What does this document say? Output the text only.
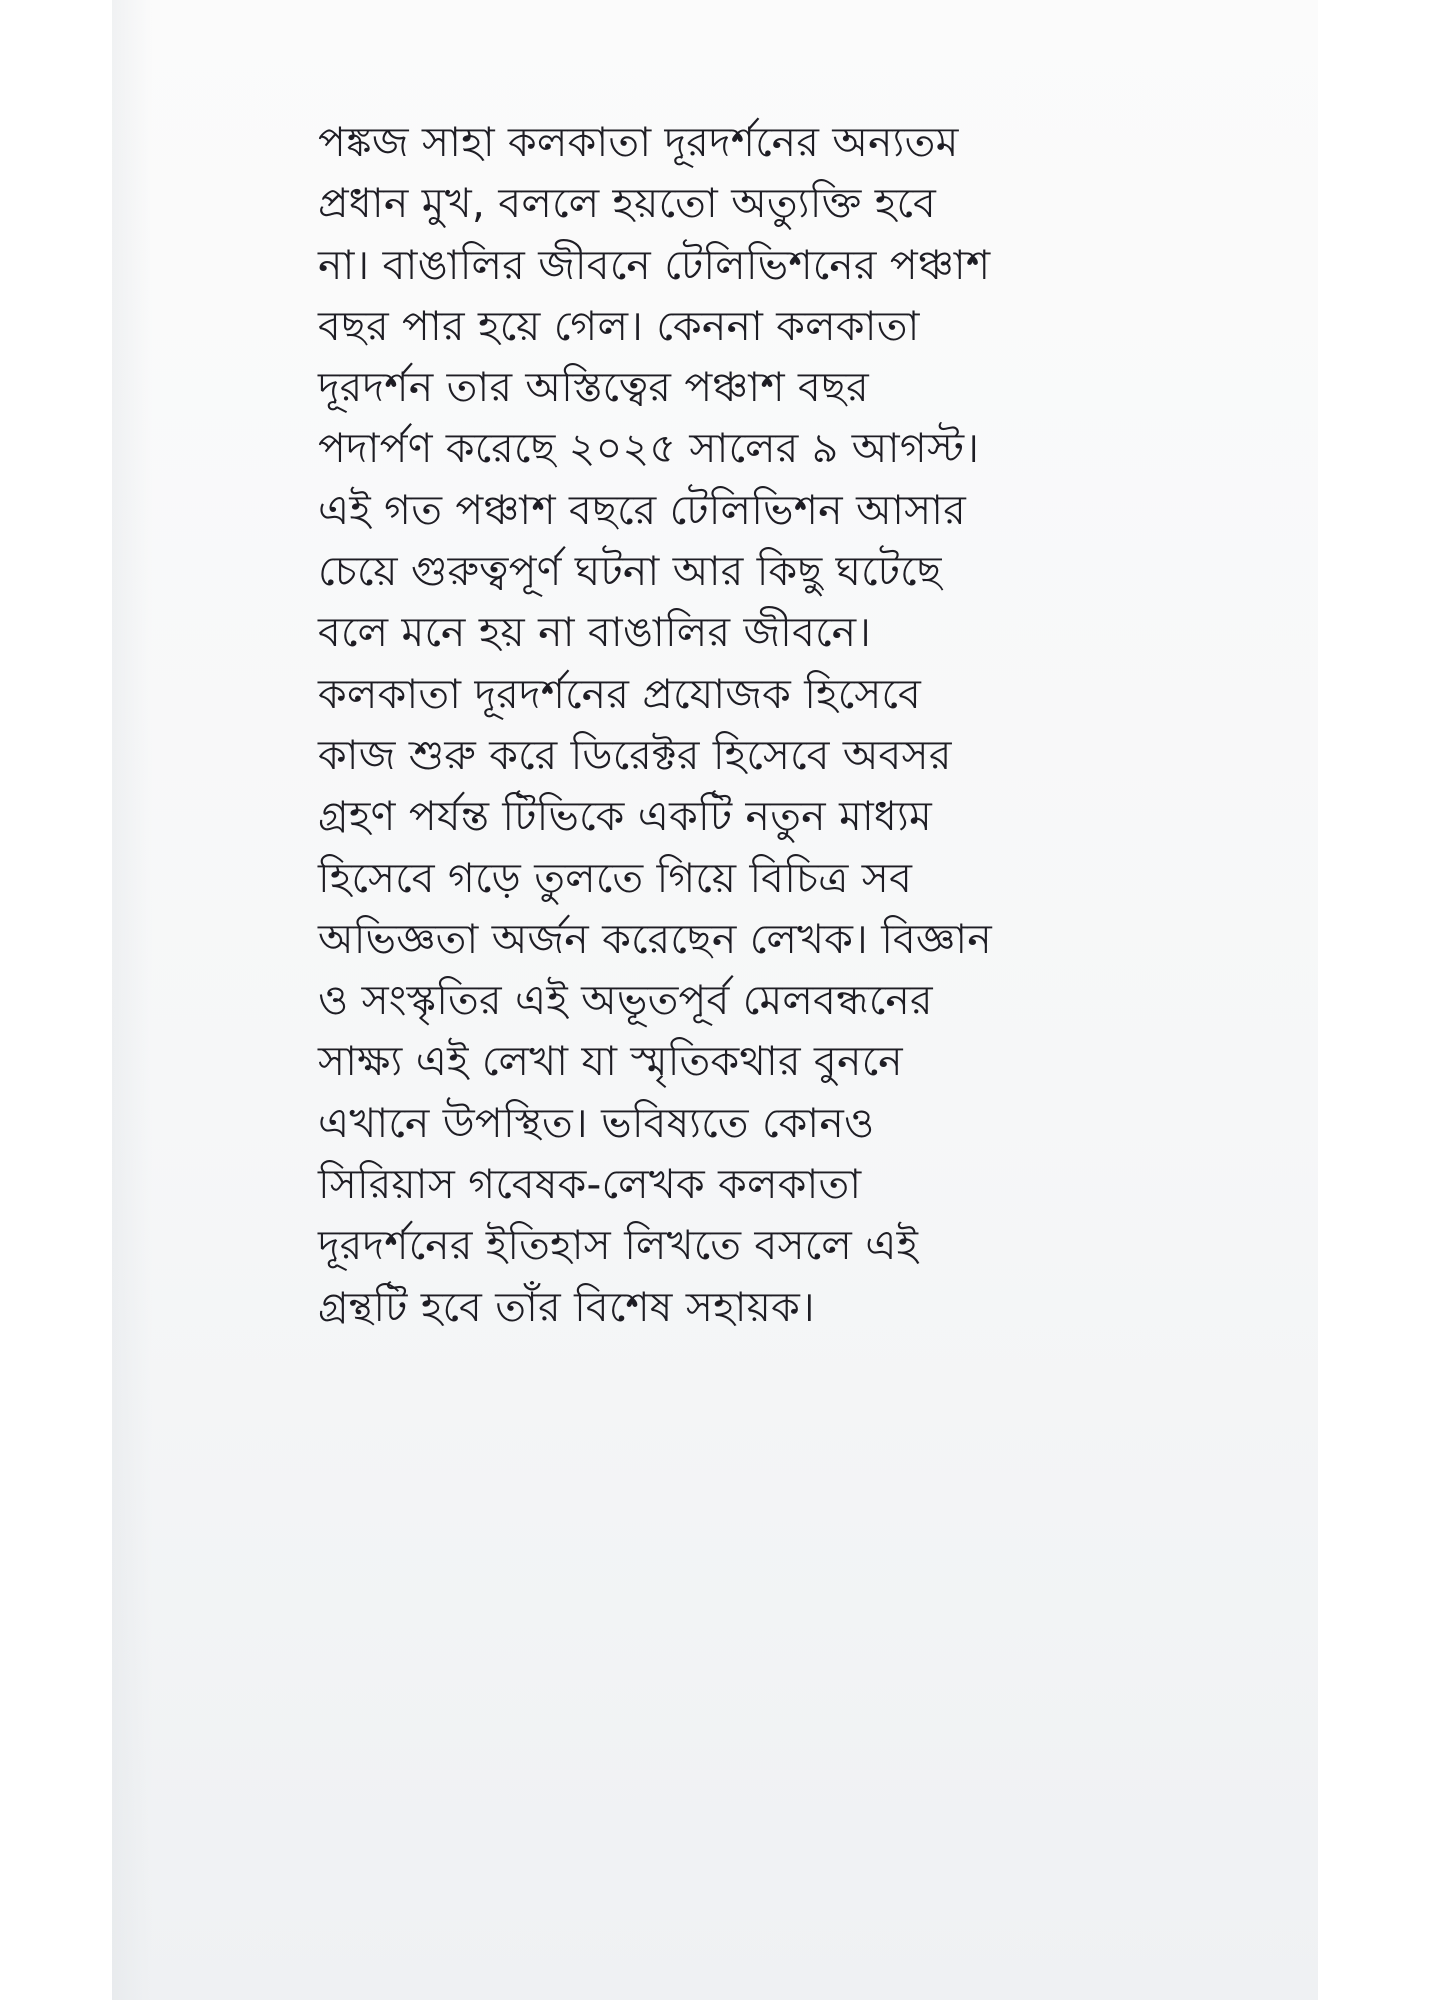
পঙ্কজ সাহা কলকাতা দূরদর্শনের অন্যতম
প্রধান মুখ, বললে হয়তো অত্যুক্তি হবে
না। বাঙালির জীবনে টেলিভিশনের পঞ্চাশ
বছর পার হয়ে গেল। কেননা কলকাতা
দূরদর্শন তার অস্তিত্বের পঞ্চাশ বছর
পদার্পণ করেছে ২০২৫ সালের ৯ আগস্ট।
এই গত পঞ্চাশ বছরে টেলিভিশন আসার
চেয়ে গুরুত্বপূর্ণ ঘটনা আর কিছু ঘটেছে
বলে মনে হয় না বাঙালির জীবনে।
কলকাতা দূরদর্শনের প্রযোজক হিসেবে
কাজ শুরু করে ডিরেক্টর হিসেবে অবসর
গ্রহণ পর্যন্ত টিভিকে একটি নতুন মাধ্যম
হিসেবে গড়ে তুলতে গিয়ে বিচিত্র সব
অভিজ্ঞতা অর্জন করেছেন লেখক। বিজ্ঞান
ও সংস্কৃতির এই অভূতপূর্ব মেলবন্ধনের
সাক্ষ্য এই লেখা যা স্মৃতিকথার বুননে
এখানে উপস্থিত। ভবিষ্যতে কোনও
সিরিয়াস গবেষক-লেখক কলকাতা
দূরদর্শনের ইতিহাস লিখতে বসলে এই
গ্রন্থটি হবে তাঁর বিশেষ সহায়ক।
